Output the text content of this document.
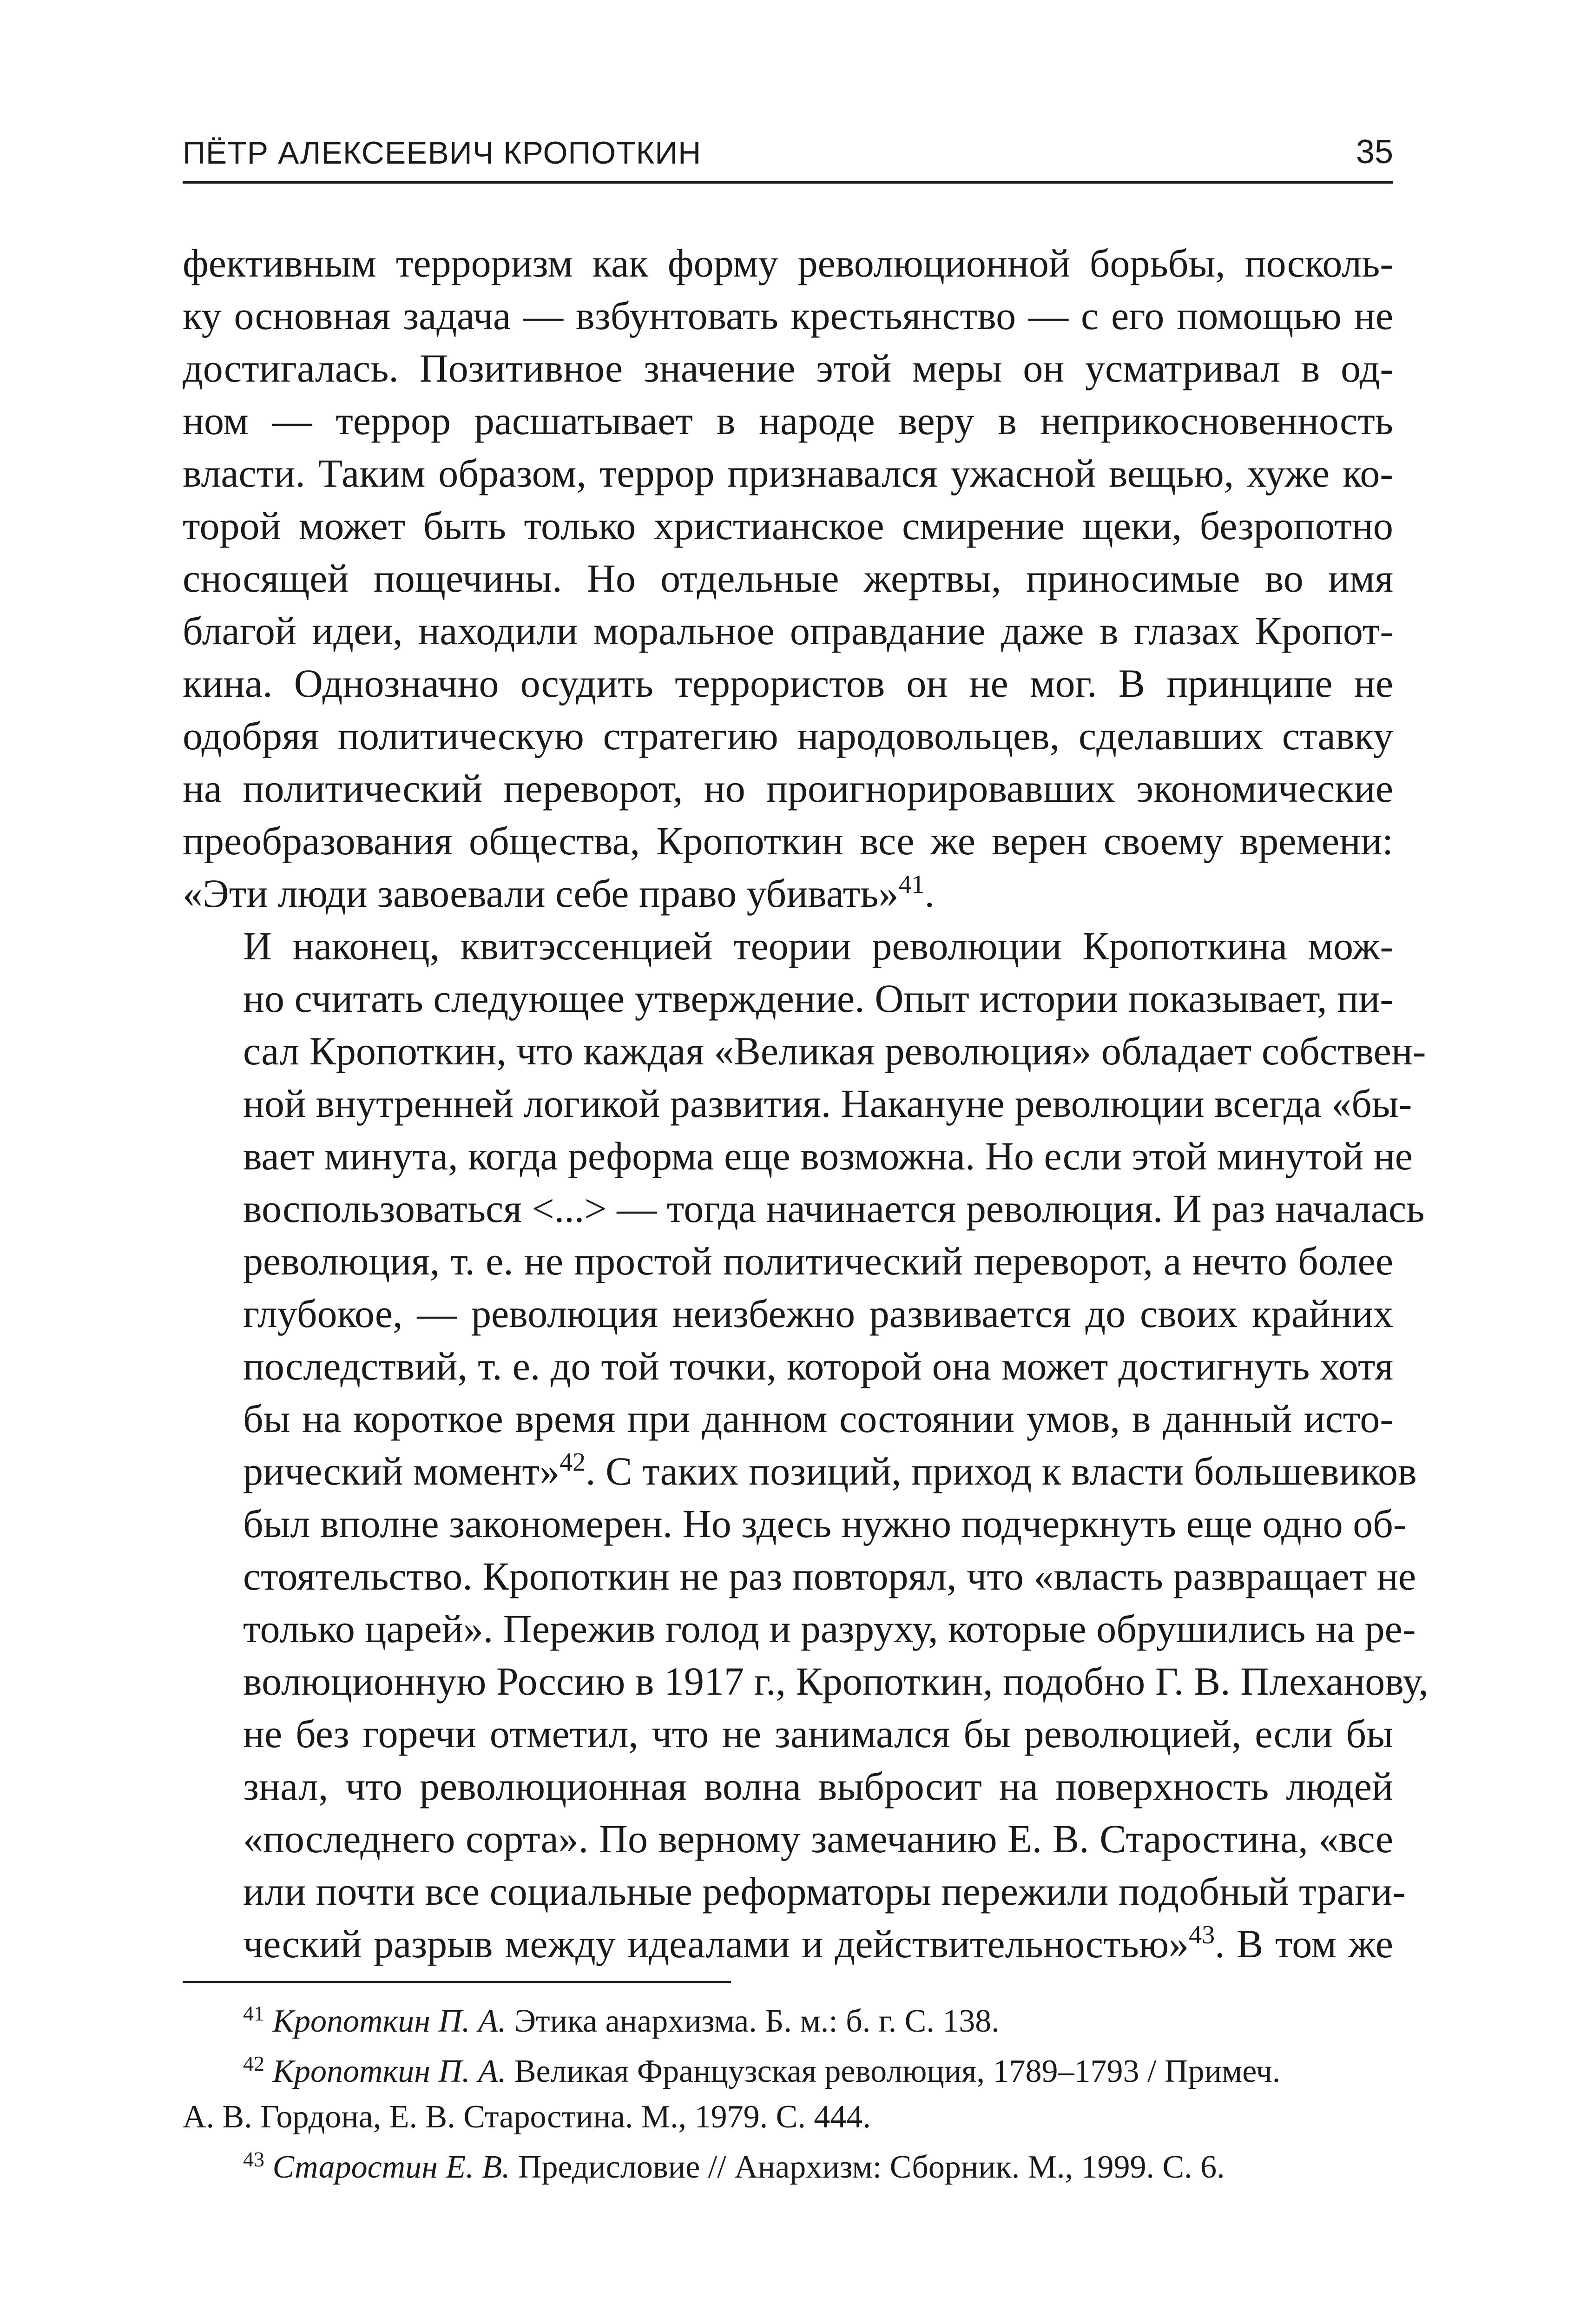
ПЁТР АЛЕКСЕЕВИЧ КРОПОТКИН	35
фективным терроризм как форму революционной борьбы, посколь-
ку основная задача — взбунтовать крестьянство — с его помощью не
достигалась. Позитивное значение этой меры он усматривал в од-
ном — террор расшатывает в народе веру в неприкосновенность
власти. Таким образом, террор признавался ужасной вещью, хуже ко-
торой может быть только христианское смирение щеки, безропотно
сносящей пощечины. Но отдельные жертвы, приносимые во имя
благой идеи, находили моральное оправдание даже в глазах Кропот-
кина. Однозначно осудить террористов он не мог. В принципе не
одобряя политическую стратегию народовольцев, сделавших ставку
на политический переворот, но проигнорировавших экономические
преобразования общества, Кропоткин все же верен своему времени:
«Эти люди завоевали себе право убивать»$^{41}$.
И наконец, квитэссенцией теории революции Кропоткина мож-
но считать следующее утверждение. Опыт истории показывает, пи-
сал Кропоткин, что каждая «Великая революция» обладает собствен-
ной внутренней логикой развития. Накануне революции всегда «бы-
вает минута, когда реформа еще возможна. Но если этой минутой не
воспользоваться <...> — тогда начинается революция. И раз началась
революция, т. е. не простой политический переворот, а нечто более
глубокое, — революция неизбежно развивается до своих крайних
последствий, т. е. до той точки, которой она может достигнуть хотя
бы на короткое время при данном состоянии умов, в данный исто-
рический момент»$^{42}$. С таких позиций, приход к власти большевиков
был вполне закономерен. Но здесь нужно подчеркнуть еще одно об-
стоятельство. Кропоткин не раз повторял, что «власть развращает не
только царей». Пережив голод и разруху, которые обрушились на ре-
волюционную Россию в 1917 г., Кропоткин, подобно Г. В. Плеханову,
не без горечи отметил, что не занимался бы революцией, если бы
знал, что революционная волна выбросит на поверхность людей
«последнего сорта». По верному замечанию Е. В. Старостина, «все
или почти все социальные реформаторы пережили подобный траги-
ческий разрыв между идеалами и действительностью»$^{43}$. В том же

$^{41}$ Кропоткин П. А. Этика анархизма. Б. м.: б. г. С. 138.

$^{42}$ Кропоткин П. А. Великая Французская революция, 1789–1793 / Примеч.
А. В. Гордона, Е. В. Старостина. М., 1979. С. 444.

$^{43}$ Старостин Е. В. Предисловие // Анархизм: Сборник. М., 1999. С. 6.
